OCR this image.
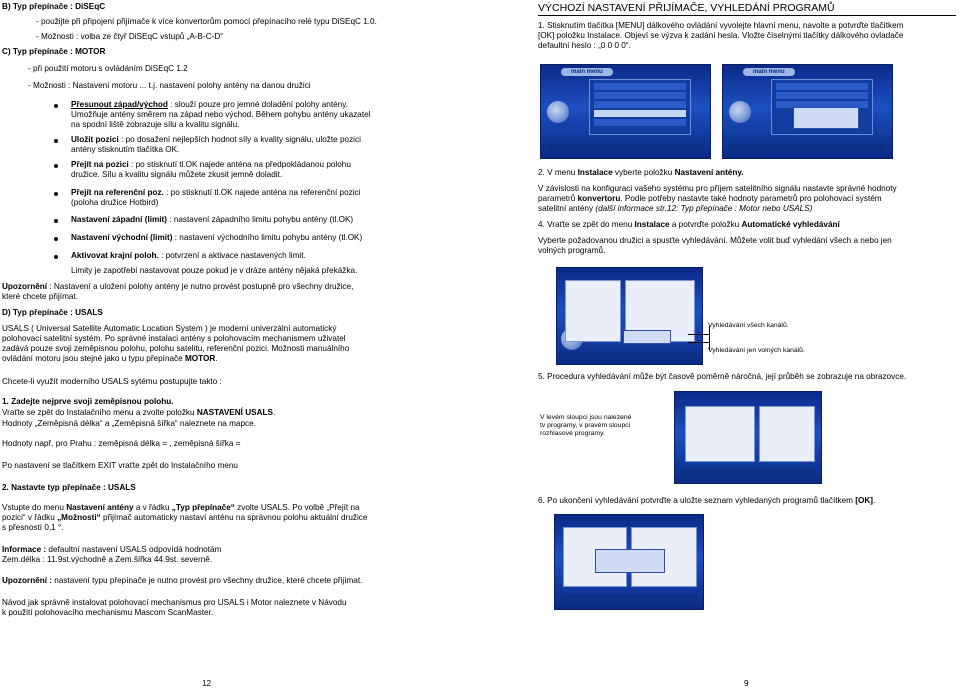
B) Typ přepínače : DiSEqC
- použijte při připojení přijímače k více konvertorům pomocí přepínacího relé typu DiSEqC 1.0.
- Možnosti : volba ze čtyř DiSEqC vstupů „A-B-C-D“
C) Typ přepínače : MOTOR
- při použití motoru s ovládáním DiSEqC 1.2
- Možnosti : Nastavení motoru ... t.j. nastavení polohy antény na danou družici
Přesunout západ/východ : slouží pouze pro jemné doladění polohy antény.
Umožňuje antény směrem na západ nebo východ. Během pohybu antény ukazatel
na spodní liště zobrazuje sílu a kvalitu signálu.
Uložit pozici : po dosažení nejlepších hodnot síly a kvality signálu, uložte pozici
antény stisknutím tlačítka OK.
Přejít na pozici : po stisknutí tl.OK najede anténa na předpokládanou polohu
družice. Sílu a kvalitu signálu můžete zkusit jemně doladit.
Přejít na referenční poz. : po stisknutí tl.OK najede anténa na referenční pozici
(poloha družice Hotbird)
Nastavení západní (limit) : nastavení západního limitu pohybu antény (tl.OK)
Nastavení východní (limit) : nastavení východního limitu pohybu antény (tl.OK)
Aktivovat krajní poloh. : potvrzení a aktivace nastavených limit.
Limity je zapotřebí nastavovat pouze pokud je v dráze antény nějaká překážka.
Upozornění : Nastavení a uložení polohy antény je nutno provést postupně pro všechny družice,
které chcete přijímat.
D) Typ přepínače : USALS
USALS ( Universal Satellite Automatic Location System ) je moderní univerzální automatický
polohovací satelitní systém. Po správné instalaci antény s polohovacím mechanismem uživatel
zadává pouze svoji zeměpisnou polohu, polohu satelitu, referenční pozici. Možnosti manuálního
ovládání motoru jsou stejné jako u typu přepínače MOTOR.
Chcete-li využít moderního USALS sytému postupujte takto :
1. Zadejte nejprve svoji zeměpisnou polohu.
Vraťte se zpět do Instalačního menu a zvolte položku NASTAVENÍ USALS.
Hodnoty „Zeměpisná délka“ a „Zeměpisná šířka“ naleznete na mapce.
Hodnoty např. pro Prahu : zeměpisná délka = , zeměpisná šířka =
Po nastavení se tlačítkem EXIT vraťte zpět do Instalačního menu
2. Nastavte typ přepínače : USALS
Vstupte do menu Nastavení antény a v řádku „Typ přepínače“ zvolte USALS. Po volbě „Přejít na
pozici“ v řádku „Možnosti“ přijímač automaticky nastaví anténu na správnou polohu aktuální družice
s přesností 0,1 °.
Informace : defaultní nastavení USALS odpovídá hodnotám
Zem.délka : 11.9st.východně a Zem.šířka 44.9st. severně.
Upozornění : nastavení typu přepínače je nutno provést pro všechny družice, které chcete přijímat.
Návod jak správně instalovat polohovací mechanismus pro USALS i Motor naleznete v Návodu
k použití polohovacího mechanismu Mascom ScanMaster.
12
VÝCHOZÍ NASTAVENÍ PŘIJÍMAČE, VYHLEDÁNÍ PROGRAMŮ
1. Stisknutím tlačítka [MENU] dálkového ovládání vyvolejte hlavní menu, navolte a potvrďte tlačítkem
[OK] položku Instalace. Objeví se výzva k zadání hesla. Vložte číselnými tlačítky dálkového ovladače
defaultní heslo : „0 0 0 0“.
main menu	main menu
2. V menu Instalace vyberte položku Nastavení antény.
V závislosti na konfiguraci vašeho systému pro příjem satelitního signálu nastavte správné hodnoty
parametrů konvertoru. Podle potřeby nastavte také hodnoty parametrů pro polohovací systém
satelitní antény (další informace str.12: Typ přepínače : Motor nebo USALS)
4. Vraťte se zpět do menu Instalace a potvrďte položku Automatické vyhledávání
Vyberte požadovanou družici a spusťte vyhledávání. Můžete volit buď vyhledání všech a nebo jen
volných programů.
Vyhledávání všech kanálů.
Vyhledávání jen volných kanálů.
5. Procedura vyhledávání může být časově poměrně náročná, její průběh se zobrazuje na obrazovce.
V levém sloupci jsou nalezené
tv programy, v pravém sloupci
rozhlasové programy.
6. Po ukončení vyhledávání potvrďte a uložte seznam vyhledaných programů tlačítkem [OK].
9
